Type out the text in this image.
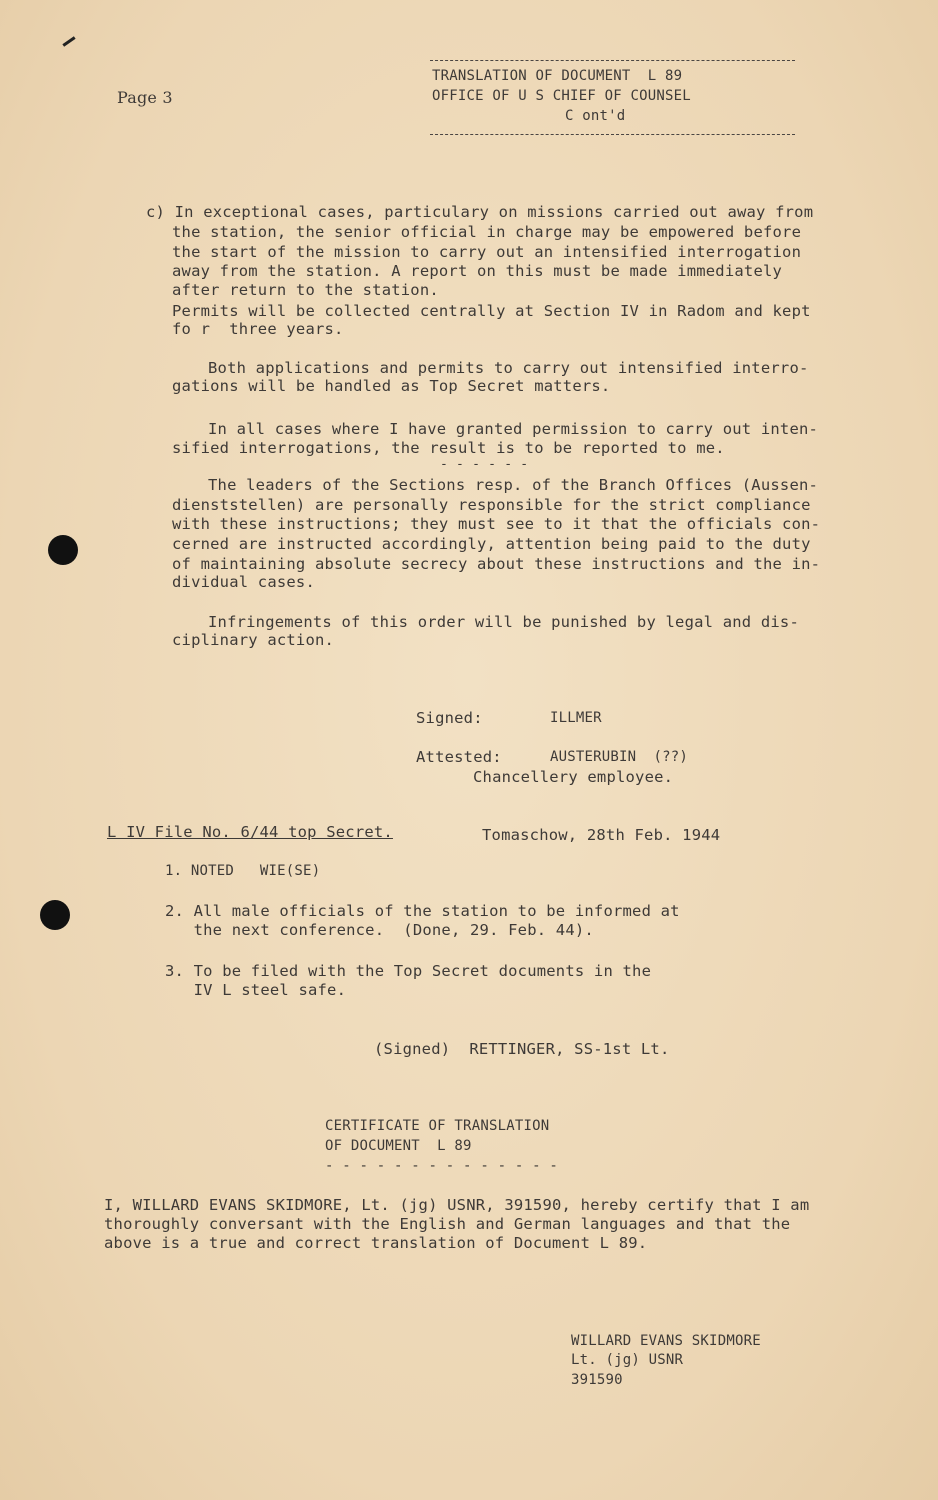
Page 3
TRANSLATION OF DOCUMENT  L 89
OFFICE OF U S CHIEF OF COUNSEL
C ont'd
c) In exceptional cases, particulary on missions carried out away from
the station, the senior official in charge may be empowered before
the start of the mission to carry out an intensified interrogation
away from the station. A report on this must be made immediately
after return to the station.
Permits will be collected centrally at Section IV in Radom and kept
fo r  three years.
Both applications and permits to carry out intensified interro-
gations will be handled as Top Secret matters.
In all cases where I have granted permission to carry out inten-
sified interrogations, the result is to be reported to me.
- - - - - -
The leaders of the Sections resp. of the Branch Offices (Aussen-
dienststellen) are personally responsible for the strict compliance
with these instructions; they must see to it that the officials con-
cerned are instructed accordingly, attention being paid to the duty
of maintaining absolute secrecy about these instructions and the in-
dividual cases.
Infringements of this order will be punished by legal and dis-
ciplinary action.
Signed:	ILLMER
Attested:	AUSTERUBIN  (??)
Chancellery employee.
L IV File No. 6/44 top Secret.	Tomaschow, 28th Feb. 1944
1. NOTED   WIE(SE)
2. All male officials of the station to be informed at
the next conference.  (Done, 29. Feb. 44).
3. To be filed with the Top Secret documents in the
IV L steel safe.
(Signed)  RETTINGER, SS-1st Lt.
CERTIFICATE OF TRANSLATION
OF DOCUMENT  L 89
- - - - - - - - - - - - - -
I, WILLARD EVANS SKIDMORE, Lt. (jg) USNR, 391590, hereby certify that I am
thoroughly conversant with the English and German languages and that the
above is a true and correct translation of Document L 89.
WILLARD EVANS SKIDMORE
Lt. (jg) USNR
391590
